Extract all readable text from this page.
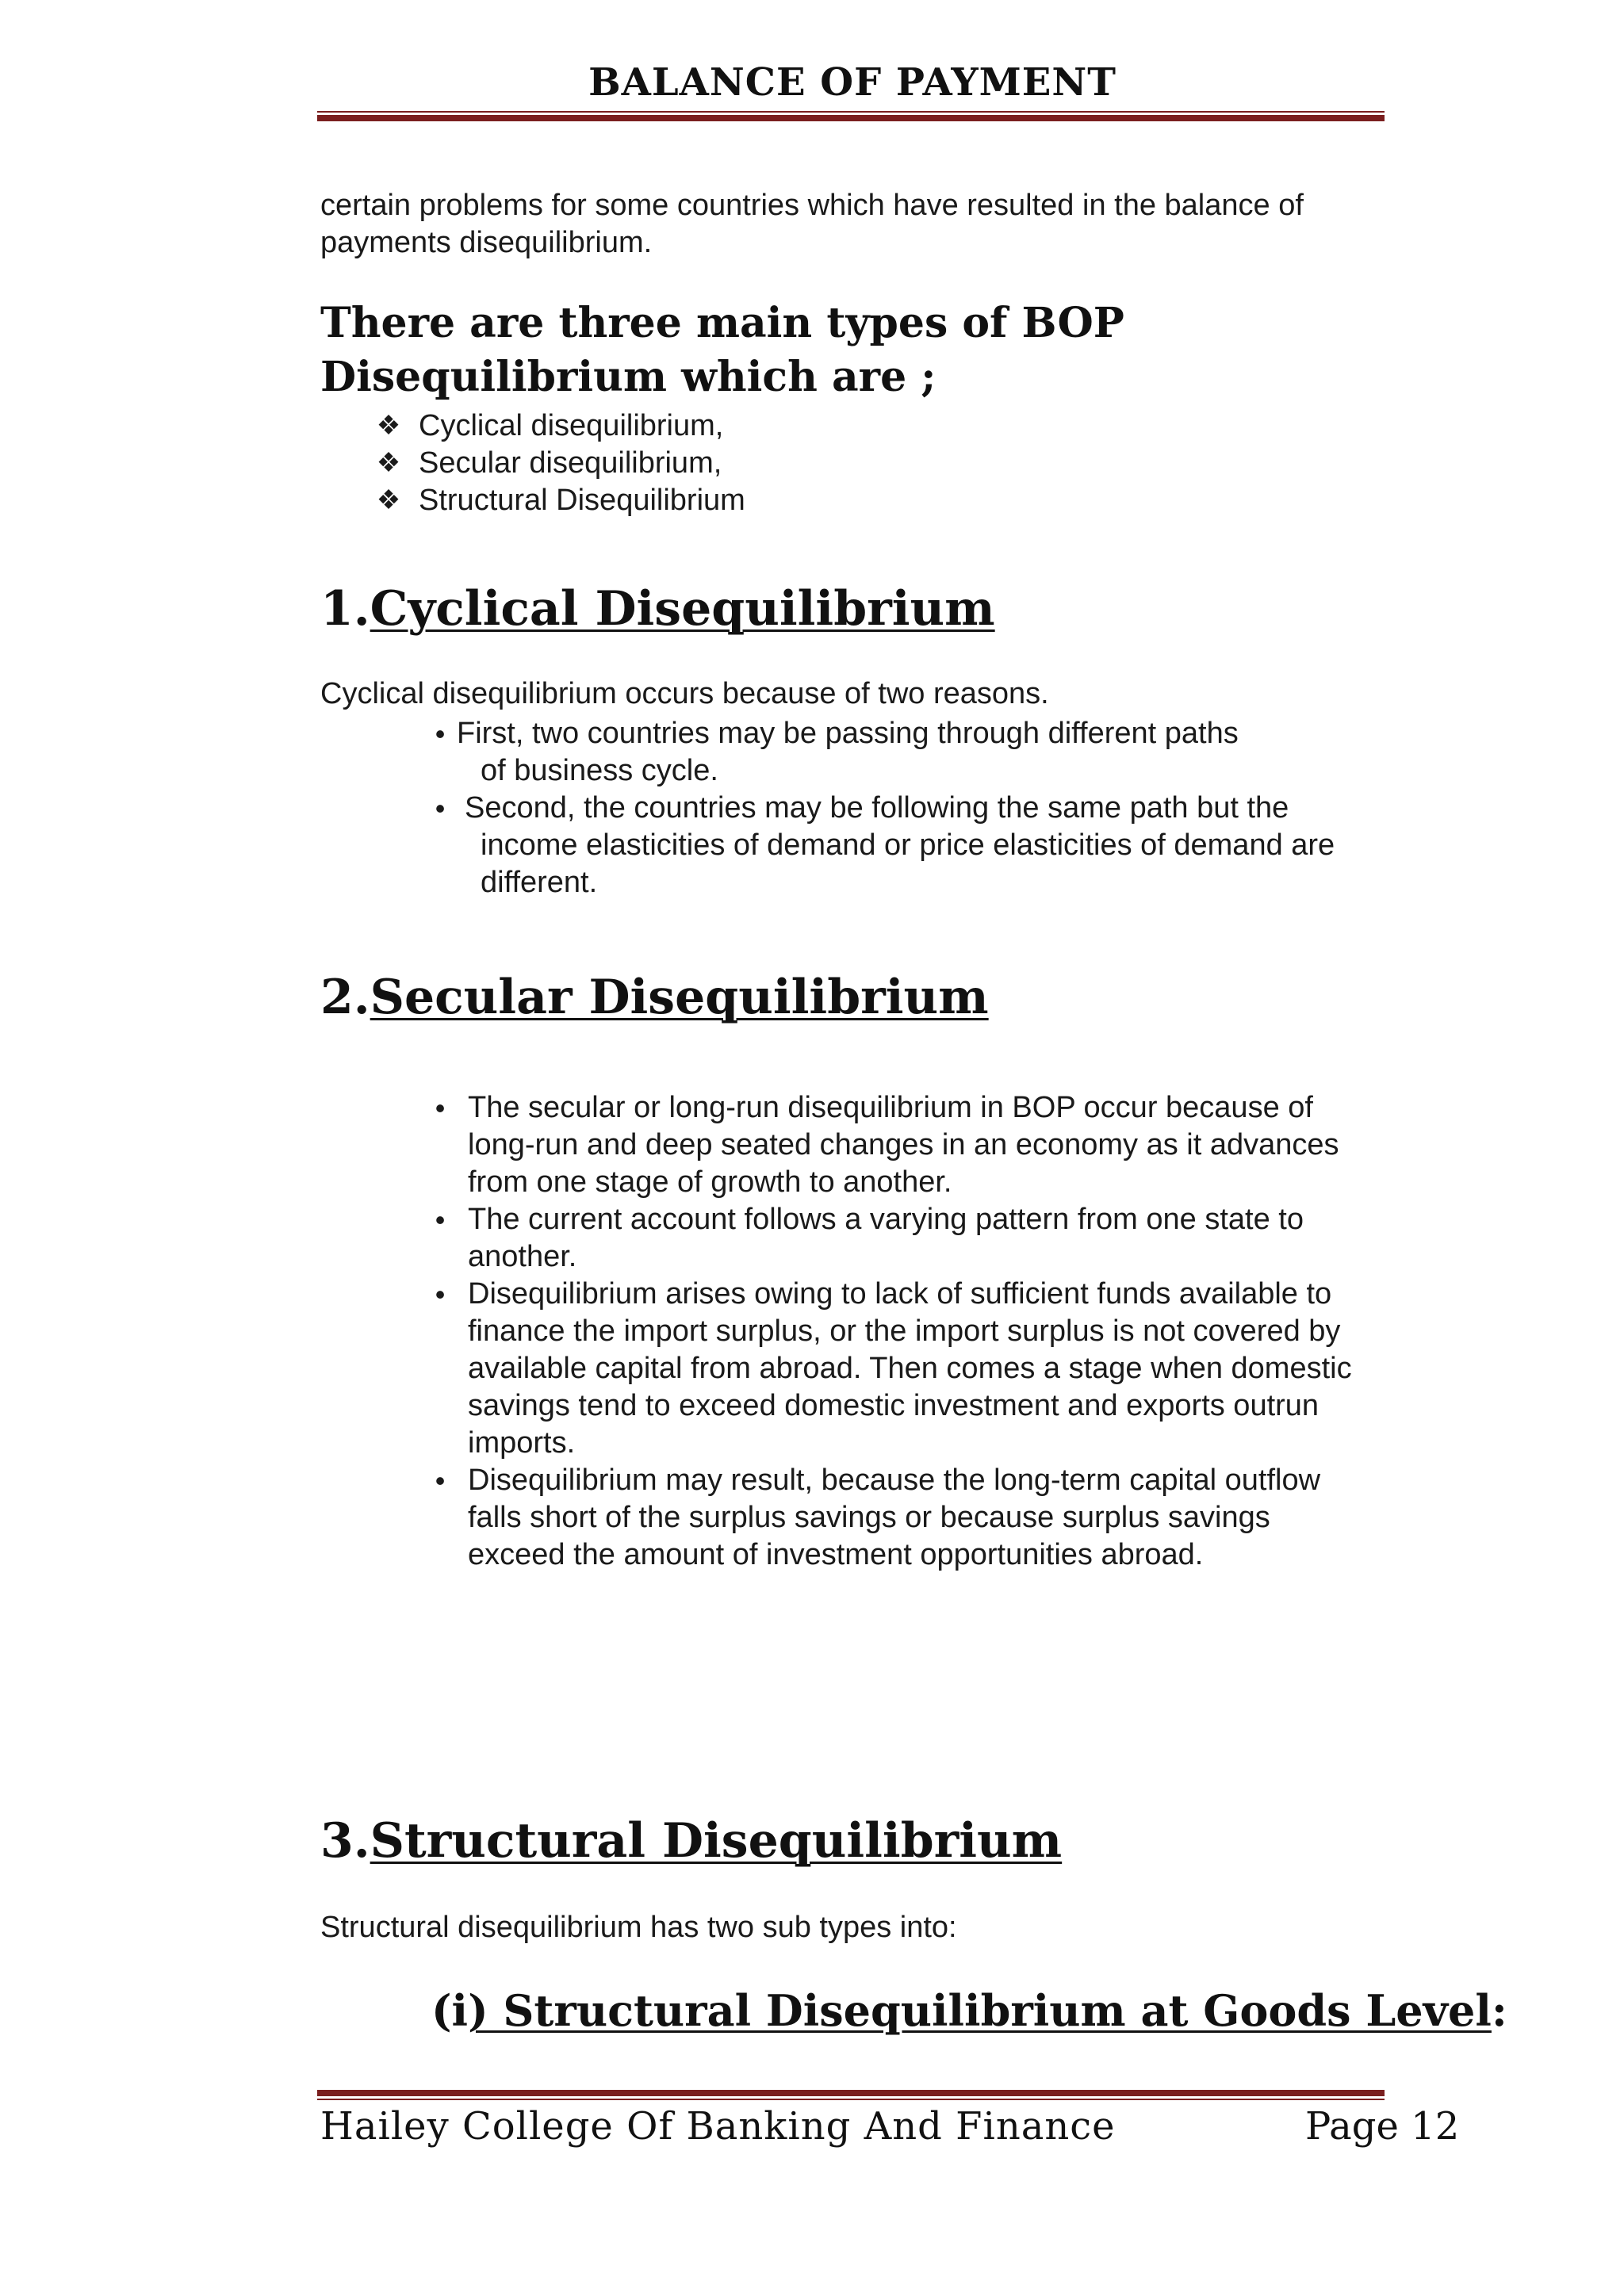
BALANCE OF PAYMENT
certain problems for some countries which have resulted in the balance of payments disequilibrium.
There are three main types of BOP Disequilibrium which are ;
❖ Cyclical disequilibrium,
❖ Secular disequilibrium,
❖ Structural Disequilibrium
1.Cyclical Disequilibrium
Cyclical disequilibrium occurs because of two reasons.
• First, two countries may be passing through different paths
of business cycle.
• Second, the countries may be following the same path but the
income elasticities of demand or price elasticities of demand are different.
2.Secular Disequilibrium
• The secular or long-run disequilibrium in BOP occur because of long-run and deep seated changes in an economy as it advances from one stage of growth to another.
• The current account follows a varying pattern from one state to another.
• Disequilibrium arises owing to lack of sufficient funds available to finance the import surplus, or the import surplus is not covered by available capital from abroad. Then comes a stage when domestic savings tend to exceed domestic investment and exports outrun imports.
• Disequilibrium may result, because the long-term capital outflow falls short of the surplus savings or because surplus savings exceed the amount of investment opportunities abroad.
3.Structural Disequilibrium
Structural disequilibrium has two sub types into:
(i) Structural Disequilibrium at Goods Level:
Hailey College Of Banking And Finance	Page 12
